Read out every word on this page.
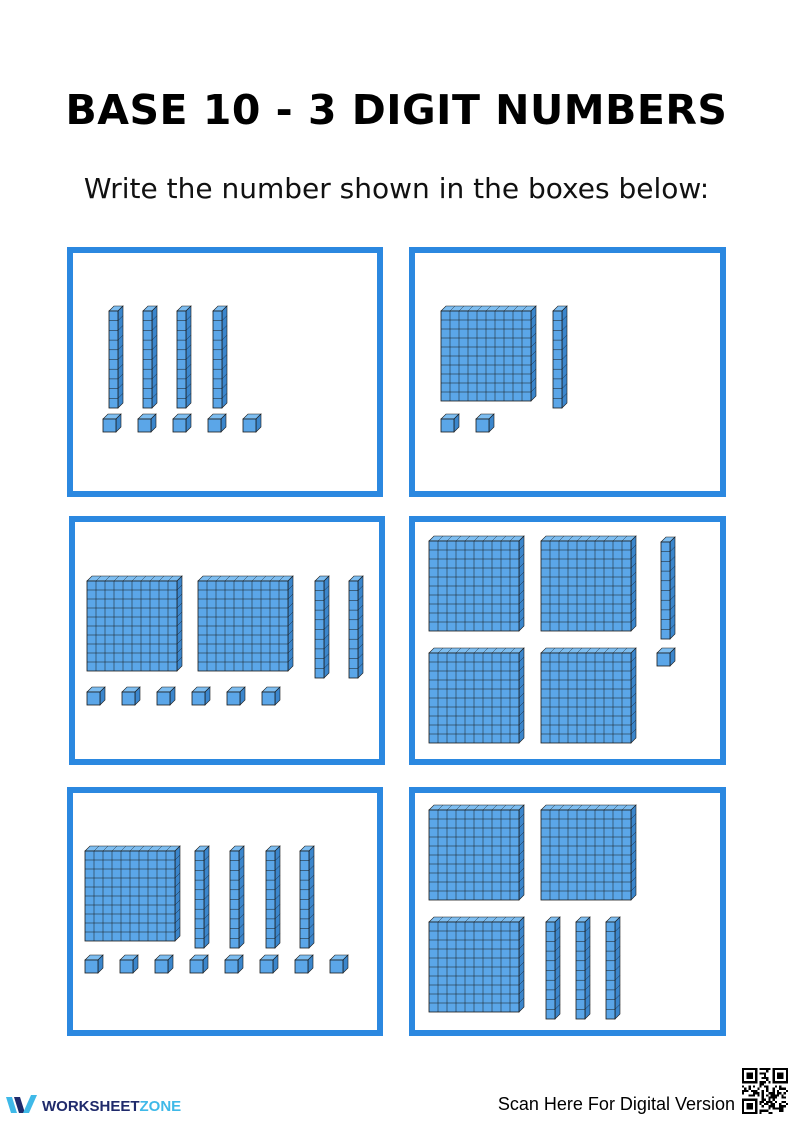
BASE 10 - 3 DIGIT NUMBERS
Write the number shown in the boxes below:
WORKSHEETZONE	Scan Here For Digital Version
